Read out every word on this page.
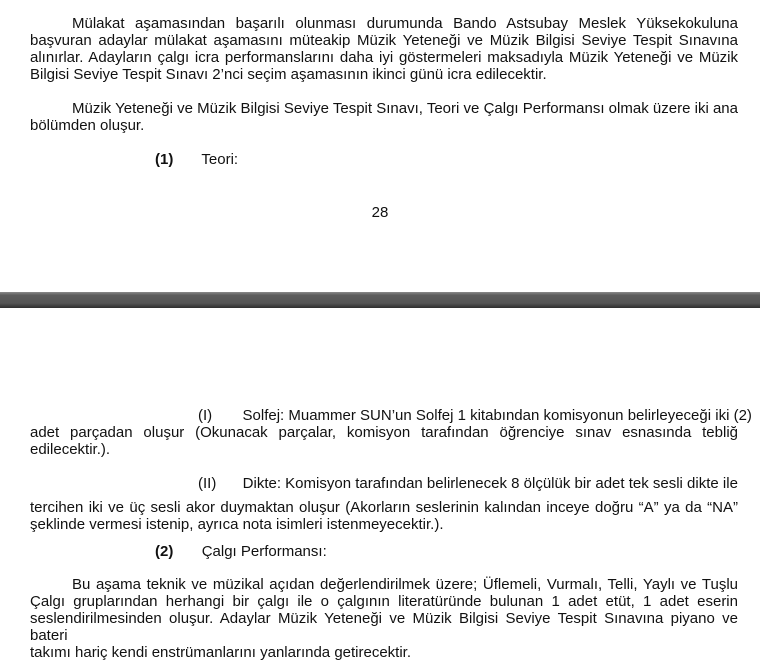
Mülakat aşamasından başarılı olunması durumunda Bando Astsubay Meslek Yüksekokuluna
başvuran adaylar mülakat aşamasını müteakip Müzik Yeteneği ve Müzik Bilgisi Seviye Tespit Sınavına
alınırlar. Adayların çalgı icra performanslarını daha iyi göstermeleri maksadıyla Müzik Yeteneği ve Müzik
Bilgisi Seviye Tespit Sınavı 2’nci seçim aşamasının ikinci günü icra edilecektir.

Müzik Yeteneği ve Müzik Bilgisi Seviye Tespit Sınavı, Teori ve Çalgı Performansı olmak üzere iki ana
bölümden oluşur.

(1) Teori:
28
(I) Solfej: Muammer SUN’un Solfej 1 kitabından komisyonun belirleyeceği iki (2)
adet parçadan oluşur (Okunacak parçalar, komisyon tarafından öğrenciye sınav esnasında tebliğ
edilecektir.).
(II) Dikte: Komisyon tarafından belirlenecek 8 ölçülük bir adet tek sesli dikte ile
tercihen iki ve üç sesli akor duymaktan oluşur (Akorların seslerinin kalından inceye doğru “A” ya da “NA”
şeklinde vermesi istenip, ayrıca nota isimleri istenmeyecektir.).
(2) Çalgı Performansı:

Bu aşama teknik ve müzikal açıdan değerlendirilmek üzere; Üflemeli, Vurmalı, Telli, Yaylı ve Tuşlu
Çalgı gruplarından herhangi bir çalgı ile o çalgının literatüründe bulunan 1 adet etüt, 1 adet eserin
seslendirilmesinden oluşur. Adaylar Müzik Yeteneği ve Müzik Bilgisi Seviye Tespit Sınavına piyano ve bateri
takımı hariç kendi enstrümanlarını yanlarında getirecektir.
